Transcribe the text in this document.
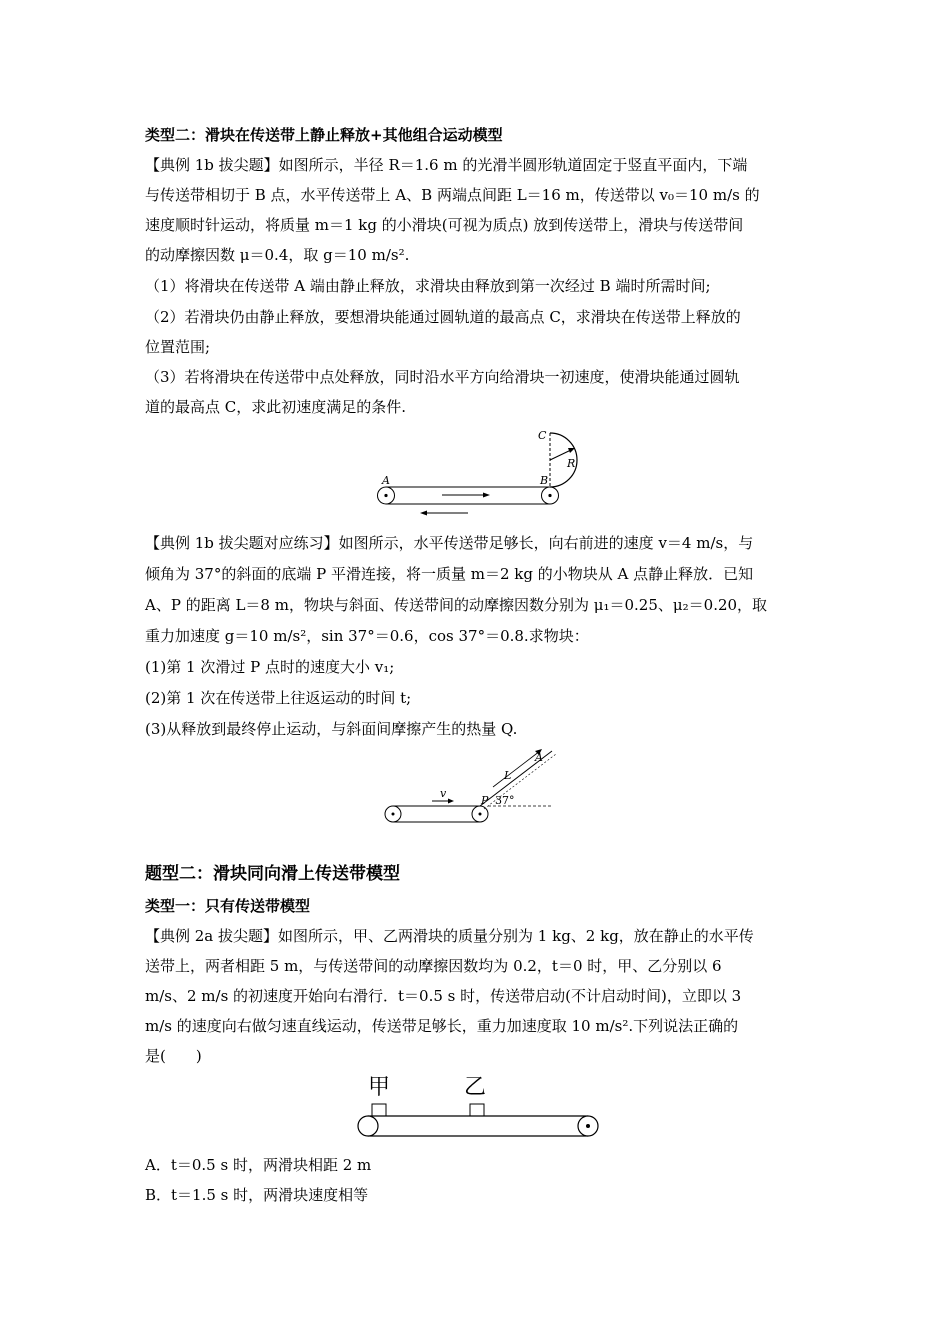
类型二：滑块在传送带上静止释放+其他组合运动模型
【典例 1b 拔尖题】如图所示，半径 R＝1.6 m 的光滑半圆形轨道固定于竖直平面内，下端
与传送带相切于 B 点，水平传送带上 A、B 两端点间距 L＝16 m，传送带以 v₀＝10 m/s 的
速度顺时针运动，将质量 m＝1 kg 的小滑块(可视为质点) 放到传送带上，滑块与传送带间
的动摩擦因数 μ＝0.4，取 g＝10 m/s².
（1）将滑块在传送带 A 端由静止释放，求滑块由释放到第一次经过 B 端时所需时间;
（2）若滑块仍由静止释放，要想滑块能通过圆轨道的最高点 C，求滑块在传送带上释放的
位置范围;
（3）若将滑块在传送带中点处释放，同时沿水平方向给滑块一初速度，使滑块能通过圆轨
道的最高点 C，求此初速度满足的条件.
A	B
C
R
【典例 1b 拔尖题对应练习】如图所示，水平传送带足够长，向右前进的速度 v＝4 m/s，与
倾角为 37°的斜面的底端 P 平滑连接，将一质量 m＝2 kg 的小物块从 A 点静止释放．已知
A、P 的距离 L＝8 m，物块与斜面、传送带间的动摩擦因数分别为 μ₁＝0.25、μ₂＝0.20，取
重力加速度 g＝10 m/s²，sin 37°＝0.6，cos 37°＝0.8.求物块：
(1)第 1 次滑过 P 点时的速度大小 v₁;
(2)第 1 次在传送带上往返运动的时间 t;
(3)从释放到最终停止运动，与斜面间摩擦产生的热量 Q.
v
P 37°
L
A
题型二：滑块同向滑上传送带模型
类型一：只有传送带模型
【典例 2a 拔尖题】如图所示，甲、乙两滑块的质量分别为 1 kg、2 kg，放在静止的水平传
送带上，两者相距 5 m，与传送带间的动摩擦因数均为 0.2，t＝0 时，甲、乙分别以 6
m/s、2 m/s 的初速度开始向右滑行．t＝0.5 s 时，传送带启动(不计启动时间)，立即以 3
m/s 的速度向右做匀速直线运动，传送带足够长，重力加速度取 10 m/s².下列说法正确的
是(　　)
甲	乙
A．t＝0.5 s 时，两滑块相距 2 m
B．t＝1.5 s 时，两滑块速度相等
